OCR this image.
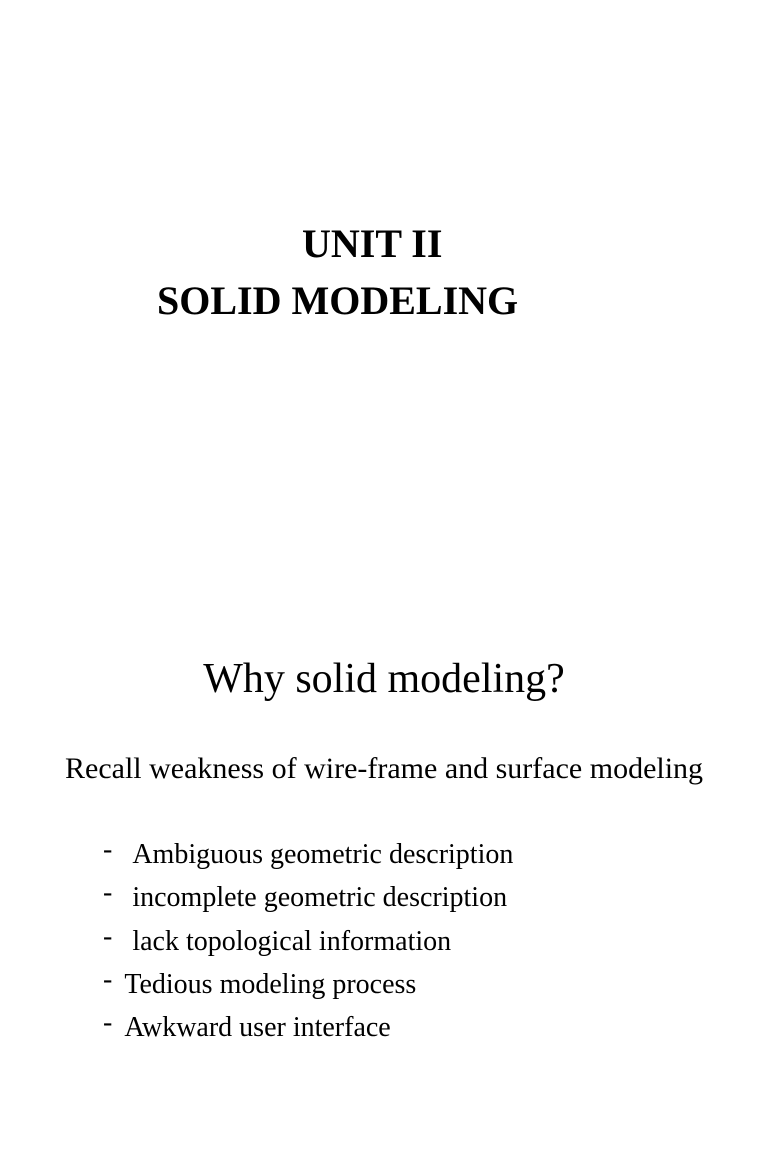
UNIT II
SOLID MODELING
Why solid modeling?
Recall weakness of wire-frame and surface modeling
- Ambiguous geometric description
- incomplete geometric description
- lack topological information
- Tedious modeling process
- Awkward user interface
